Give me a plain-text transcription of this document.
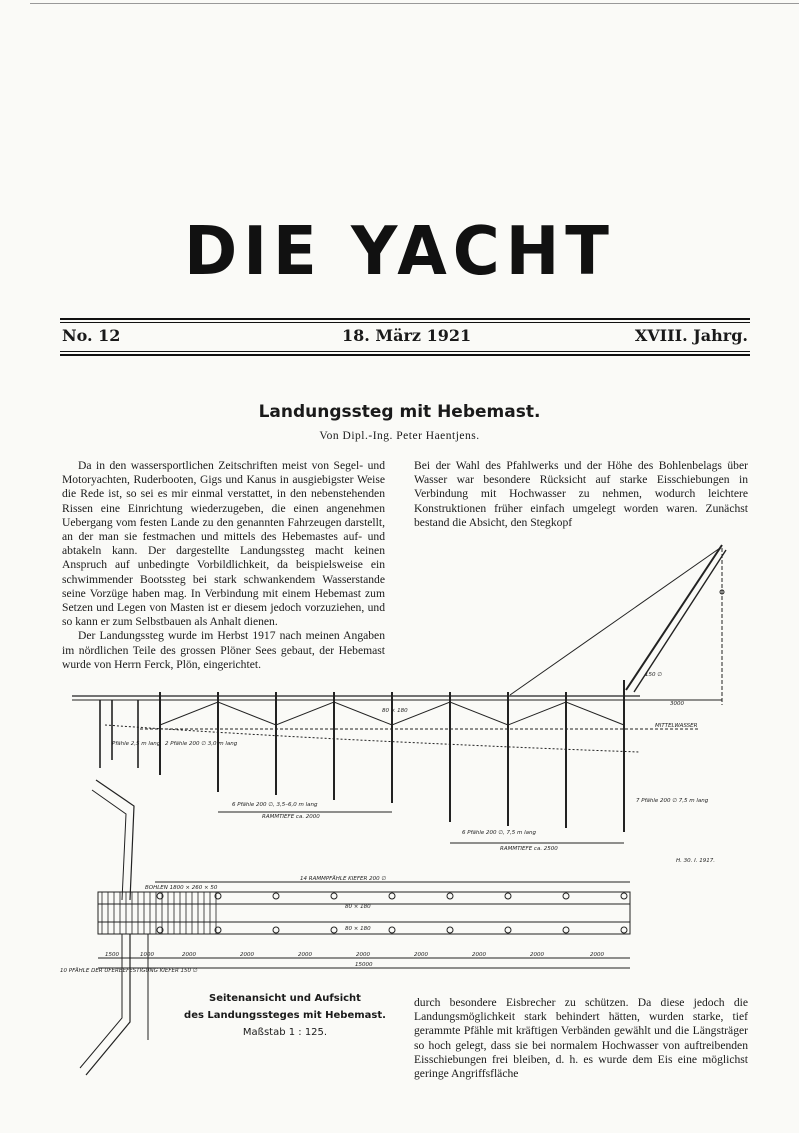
DIE YACHT
No. 12	18. März 1921	XVIII. Jahrg.
Landungssteg mit Hebemast.
Von Dipl.-Ing. Peter Haentjens.

Da in den wassersportlichen Zeitschriften meist von Segel- und Motoryachten, Ruderbooten, Gigs und Kanus in ausgiebigster Weise die Rede ist, so sei es mir einmal verstattet, in den nebenstehenden Rissen eine Einrichtung wiederzugeben, die einen angenehmen Uebergang vom festen Lande zu den genannten Fahrzeugen darstellt, an der man sie festmachen und mittels des Hebemastes auf- und abtakeln kann. Der dargestellte Landungssteg macht keinen Anspruch auf unbedingte Vorbildlichkeit, da beispielsweise ein schwimmender Bootssteg bei stark schwankendem Wasserstande seine Vorzüge haben mag. In Verbindung mit einem Hebemast zum Setzen und Legen von Masten ist er diesem jedoch vorzuziehen, und so kann er zum Selbstbauen als Anhalt dienen.

Der Landungssteg wurde im Herbst 1917 nach meinen Angaben im nördlichen Teile des grossen Plöner Sees gebaut, der Hebemast wurde von Herrn Ferck, Plön, eingerichtet.

Bei der Wahl des Pfahlwerks und der Höhe des Bohlenbelags über Wasser war besondere Rücksicht auf starke Eisschiebungen in Verbindung mit Hochwasser zu nehmen, wodurch leichtere Konstruktionen früher einfach umgelegt worden waren. Zunächst bestand die Absicht, den Stegkopf

durch besondere Eisbrecher zu schützen. Da diese jedoch die Landungsmöglichkeit stark behindert hätten, wurden starke, tief gerammte Pfähle mit kräftigen Verbänden gewählt und die Längsträger so hoch gelegt, dass sie bei normalem Hochwasser von auftreibenden Eisschiebungen frei bleiben, d. h. es wurde dem Eis eine möglichst geringe Angriffsfläche

Seitenansicht und Aufsicht
des Landungssteges mit Hebemast.
Maßstab 1 : 125.
MITTELWASSER
3000
150 ∅
80 × 180
6 Pfähle 200 ∅, 3,5–6,0 m lang
RAMMTIEFE ca. 2000
6 Pfähle 200 ∅, 7,5 m lang
RAMMTIEFE ca. 2500
7 Pfähle 200 ∅ 7,5 m lang
2 Pfähle 200 ∅ 3,0 m lang
Pfähle 2,5 m lang
H. 30. I. 1917.
14 RAMMPFÄHLE KIEFER 200 ∅
BOHLEN 1800 × 260 × 50
80 × 180
80 × 180
2000	2000	2000	2000	2000	2000	2000	2000
1500	1000
15000
10 PFÄHLE DER UFERBEFESTIGUNG KIEFER 150 ∅
